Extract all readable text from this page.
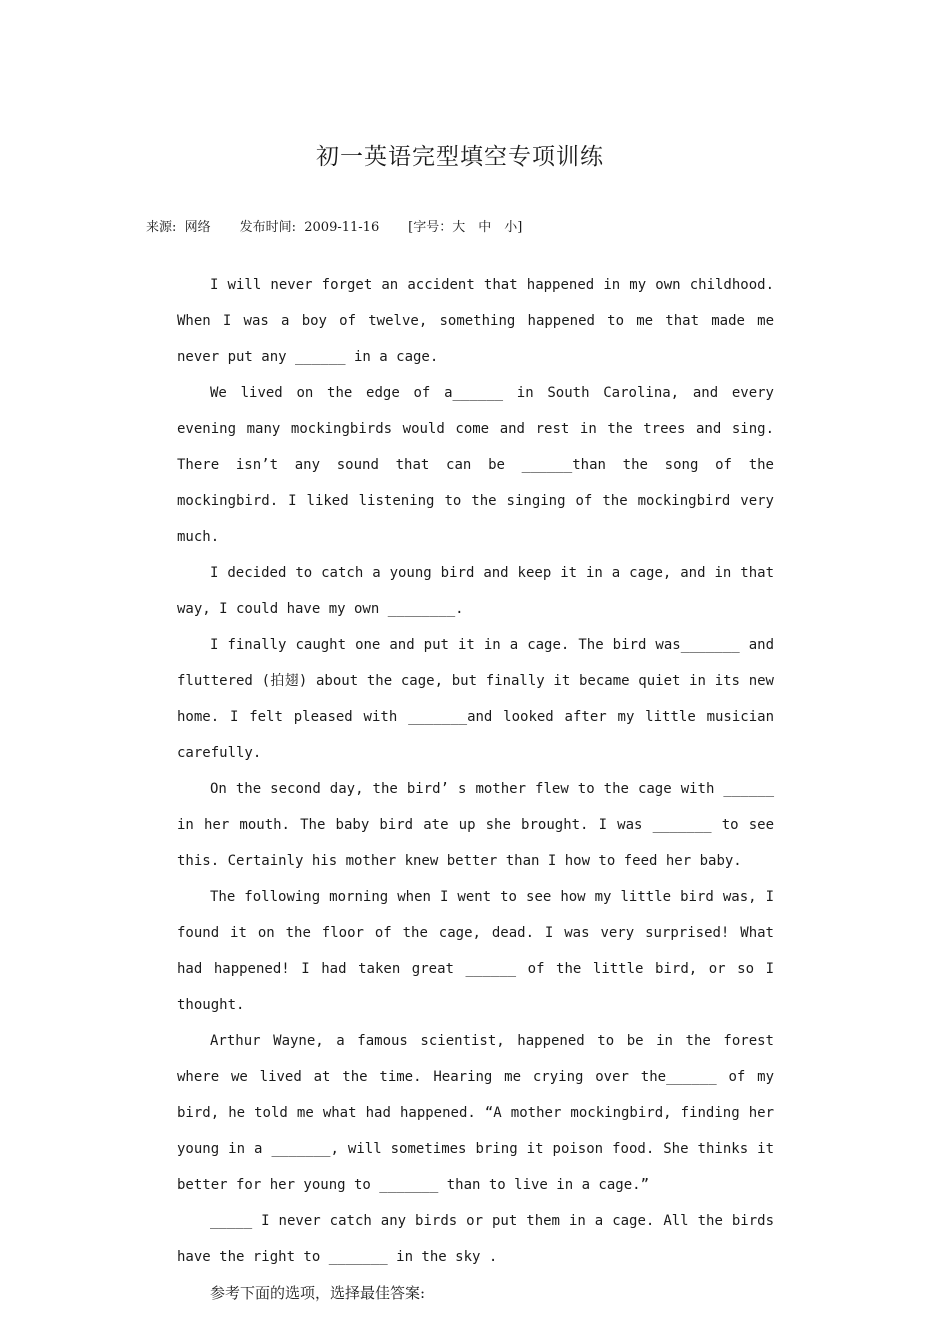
初一英语完型填空专项训练
来源: 网络 发布时间: 2009-11-16 [字号：大　中　小]

I will never forget an accident that happened in my own childhood. When I was a boy of twelve, something happened to me that made me never put any ______ in a cage.

We lived on the edge of a______ in South Carolina, and every evening many mockingbirds would come and rest in the trees and sing. There isn’t any sound that can be ______than the song of the mockingbird. I liked listening to the singing of the mockingbird very much.

I decided to catch a young bird and keep it in a cage, and in that way, I could have my own ________.

I finally caught one and put it in a cage. The bird was_______ and fluttered (拍翅) about the cage, but finally it became quiet in its new home. I felt pleased with _______and looked after my little musician carefully.

On the second day, the bird’ s mother flew to the cage with ______ in her mouth. The baby bird ate up she brought. I was _______ to see this. Certainly his mother knew better than I how to feed her baby.

The following morning when I went to see how my little bird was, I found it on the floor of the cage, dead. I was very surprised! What had happened! I had taken great ______ of the little bird, or so I thought.

Arthur Wayne, a famous scientist, happened to be in the forest where we lived at the time. Hearing me crying over the______ of my bird, he told me what had happened. “A mother mockingbird, finding her young in a _______, will sometimes bring it poison food. She thinks it better for her young to _______ than to live in a cage.”

_____ I never catch any birds or put them in a cage. All the birds have the right to _______ in the sky .

参考下面的选项，选择最佳答案:
